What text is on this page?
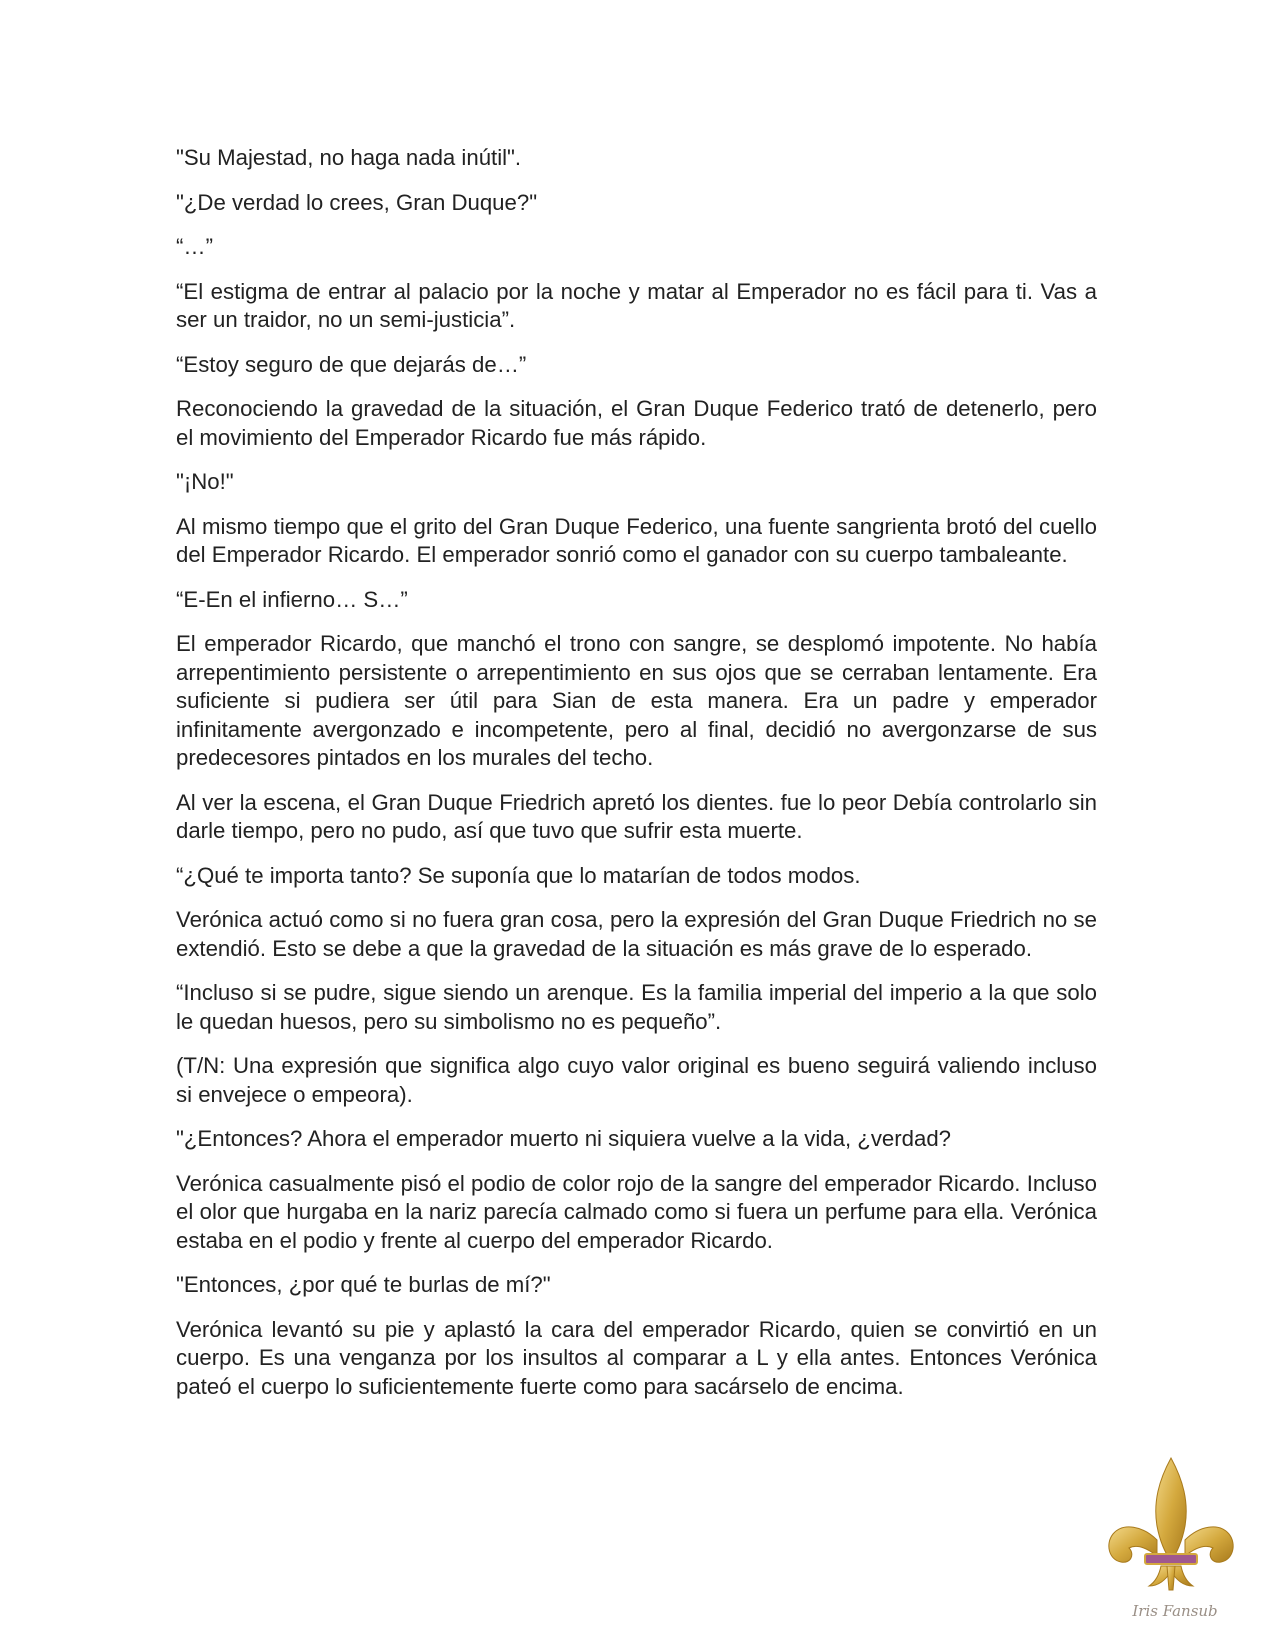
"Su Majestad, no haga nada inútil".

"¿De verdad lo crees, Gran Duque?"

“…”

“El estigma de entrar al palacio por la noche y matar al Emperador no es fácil para ti. Vas a ser un traidor, no un semi-justicia”.

“Estoy seguro de que dejarás de…”

Reconociendo la gravedad de la situación, el Gran Duque Federico trató de detenerlo, pero el movimiento del Emperador Ricardo fue más rápido.

"¡No!"

Al mismo tiempo que el grito del Gran Duque Federico, una fuente sangrienta brotó del cuello del Emperador Ricardo. El emperador sonrió como el ganador con su cuerpo tambaleante.

“E-En el infierno… S…”

El emperador Ricardo, que manchó el trono con sangre, se desplomó impotente. No había arrepentimiento persistente o arrepentimiento en sus ojos que se cerraban lentamente. Era suficiente si pudiera ser útil para Sian de esta manera. Era un padre y emperador infinitamente avergonzado e incompetente, pero al final, decidió no avergonzarse de sus predecesores pintados en los murales del techo.

Al ver la escena, el Gran Duque Friedrich apretó los dientes. fue lo peor Debía controlarlo sin darle tiempo, pero no pudo, así que tuvo que sufrir esta muerte.

“¿Qué te importa tanto? Se suponía que lo matarían de todos modos.

Verónica actuó como si no fuera gran cosa, pero la expresión del Gran Duque Friedrich no se extendió. Esto se debe a que la gravedad de la situación es más grave de lo esperado.

“Incluso si se pudre, sigue siendo un arenque. Es la familia imperial del imperio a la que solo le quedan huesos, pero su simbolismo no es pequeño”.

(T/N: Una expresión que significa algo cuyo valor original es bueno seguirá valiendo incluso si envejece o empeora).

"¿Entonces? Ahora el emperador muerto ni siquiera vuelve a la vida, ¿verdad?

Verónica casualmente pisó el podio de color rojo de la sangre del emperador Ricardo. Incluso el olor que hurgaba en la nariz parecía calmado como si fuera un perfume para ella. Verónica estaba en el podio y frente al cuerpo del emperador Ricardo.

"Entonces, ¿por qué te burlas de mí?"

Verónica levantó su pie y aplastó la cara del emperador Ricardo, quien se convirtió en un cuerpo. Es una venganza por los insultos al comparar a L y ella antes. Entonces Verónica pateó el cuerpo lo suficientemente fuerte como para sacárselo de encima.

Iris Fansub
